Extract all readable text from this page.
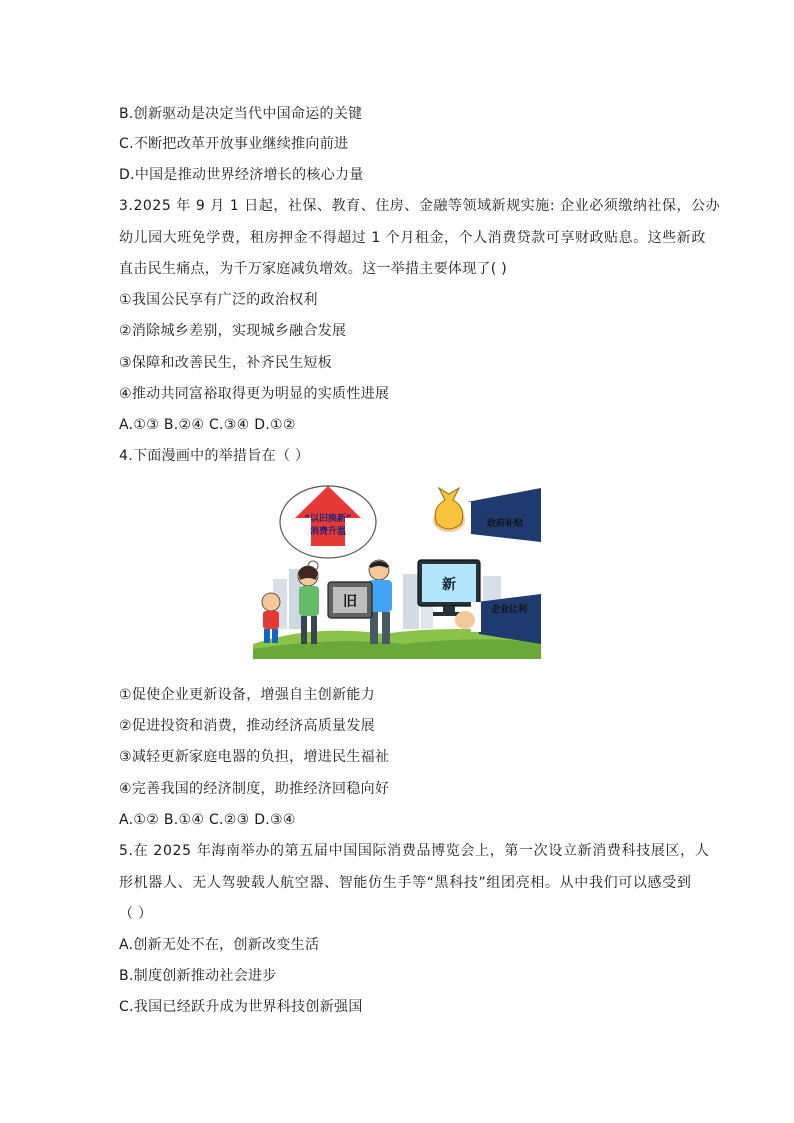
B.创新驱动是决定当代中国命运的关键
C.不断把改革开放事业继续推向前进
D.中国是推动世界经济增长的核心力量
3.2025 年 9 月 1 日起，社保、教育、住房、金融等领域新规实施: 企业必须缴纳社保，公办
幼儿园大班免学费，租房押金不得超过 1 个月租金，个人消费贷款可享财政贴息。这些新政
直击民生痛点，为千万家庭减负增效。这一举措主要体现了( )
①我国公民享有广泛的政治权利
②消除城乡差别，实现城乡融合发展
③保障和改善民生，补齐民生短板
④推动共同富裕取得更为明显的实质性进展
A.①③ B.②④ C.③④ D.①②
4.下面漫画中的举措旨在（ ）
“以旧换新”
消费升温
旧
新
政府补贴
企业让利
①促使企业更新设备，增强自主创新能力
②促进投资和消费，推动经济高质量发展
③减轻更新家庭电器的负担，增进民生福祉
④完善我国的经济制度，助推经济回稳向好
A.①② B.①④ C.②③ D.③④
5.在 2025 年海南举办的第五届中国国际消费品博览会上，第一次设立新消费科技展区，人
形机器人、无人驾驶载人航空器、智能仿生手等“黑科技”组团亮相。从中我们可以感受到
（ ）
A.创新无处不在，创新改变生活
B.制度创新推动社会进步
C.我国已经跃升成为世界科技创新强国
